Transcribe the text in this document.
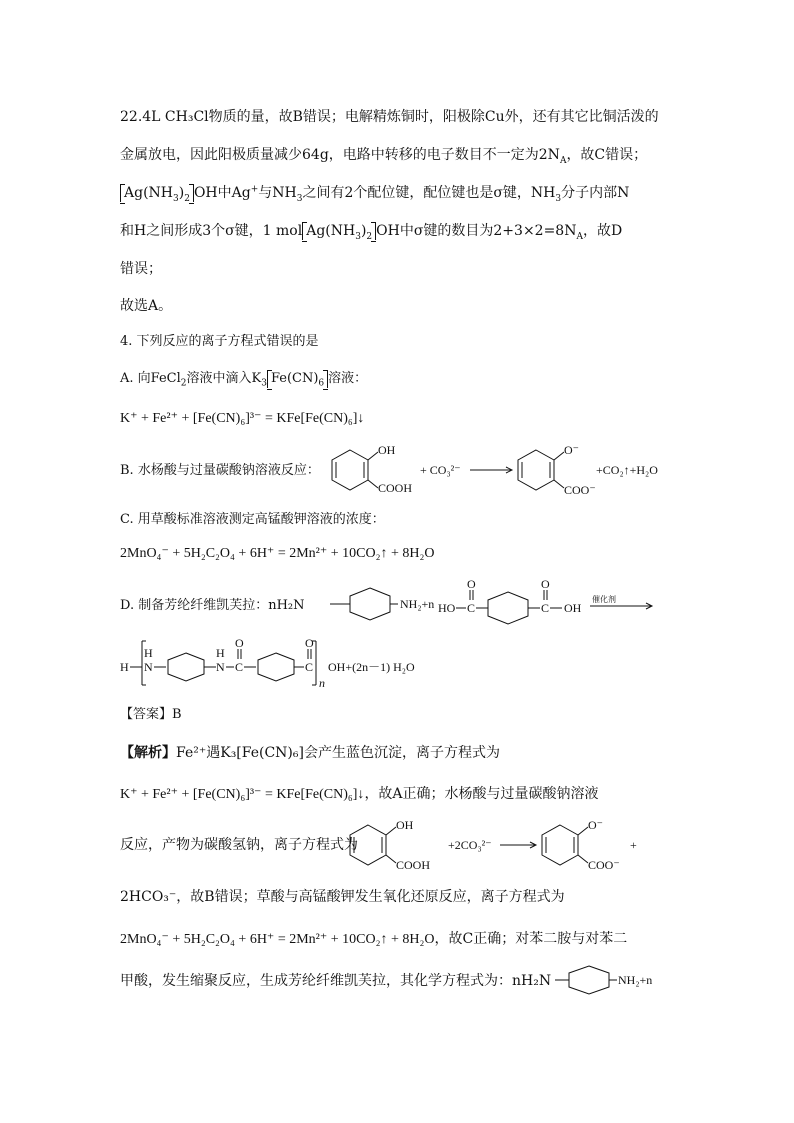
22.4L CH₃Cl物质的量，故B错误；电解精炼铜时，阳极除Cu外，还有其它比铜活泼的
金属放电，因此阳极质量减少64g，电路中转移的电子数目不一定为$2N_A$，故C错误；
$Ag(NH_3)_2$ OH中Ag+与$NH_3$之间有2个配位键，配位键也是σ键，$NH_3$分子内部N
和H之间形成3个σ键，1 mol $Ag(NH_3)_2$ OH中σ键的数目为$2+3\times 2=8N_A$，故D
错误；
故选A。
4. 下列反应的离子方程式错误的是
A. 向FeCl$_2$溶液中滴入$K_3$ $Fe(CN)_6$ 溶液：
K⁺ + Fe²⁺ + [Fe(CN)₆]³⁻ = KFe[Fe(CN)₆]↓
B. 水杨酸与过量碳酸钠溶液反应：
OH
COOH
+ CO₃²⁻
O⁻
COO⁻
+CO₂↑+H₂O
C. 用草酸标准溶液测定高锰酸钾溶液的浓度：
2MnO₄⁻ + 5H₂C₂O₄ + 6H⁺ = 2Mn²⁺ + 10CO₂↑ + 8H₂O
D. 制备芳纶纤维凯芙拉：nH₂N	NH₂+n HO C
O
C
O
OH
催化剂
H
H
N
H
N C
O
C
O
n
OH+(2n－1) H₂O
【答案】B
【解析】Fe²⁺遇K₃[Fe(CN)₆]会产生蓝色沉淀，离子方程式为
K⁺ + Fe²⁺ + [Fe(CN)₆]³⁻ = KFe[Fe(CN)₆]↓，故A正确；水杨酸与过量碳酸钠溶液
反应，产物为碳酸氢钠，离子方程式为
OH
COOH
+2CO₃²⁻
O⁻
COO⁻
+
2HCO₃⁻，故B错误；草酸与高锰酸钾发生氧化还原反应，离子方程式为
2MnO₄⁻ + 5H₂C₂O₄ + 6H⁺ = 2Mn²⁺ + 10CO₂↑ + 8H₂O，故C正确；对苯二胺与对苯二
甲酸，发生缩聚反应，生成芳纶纤维凯芙拉，其化学方程式为：nH₂N	NH₂+n
